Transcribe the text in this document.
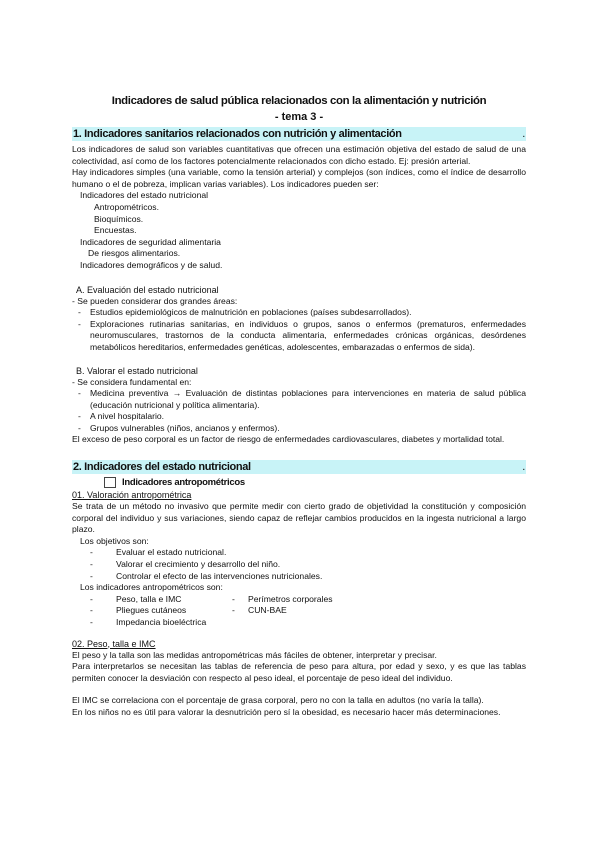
Indicadores de salud pública relacionados con la alimentación y nutrición

- tema 3 -

1. Indicadores sanitarios relacionados con nutrición y alimentación	.

Los indicadores de salud son variables cuantitativas que ofrecen una estimación objetiva del estado de salud de una colectividad, así como de los factores potencialmente relacionados con dicho estado. Ej: presión arterial.

Hay indicadores simples (una variable, como la tensión arterial) y complejos (son índices, como el índice de desarrollo humano o el de pobreza, implican varias variables). Los indicadores pueden ser:

Indicadores del estado nutricional

Antropométricos.

Bioquímicos.

Encuestas.

Indicadores de seguridad alimentaria

De riesgos alimentarios.

Indicadores demográficos y de salud.

A. Evaluación del estado nutricional

- Se pueden considerar dos grandes áreas:

-	Estudios epidemiológicos de malnutrición en poblaciones (países subdesarrollados).
-	Exploraciones rutinarias sanitarias, en individuos o grupos, sanos o enfermos (prematuros, enfermedades neuromusculares, trastornos de la conducta alimentaria, enfermedades crónicas orgánicas, desórdenes metabólicos hereditarios, enfermedades genéticas, adolescentes, embarazadas o enfermos de sida).

B. Valorar el estado nutricional

- Se considera fundamental en:

-	Medicina preventiva → Evaluación de distintas poblaciones para intervenciones en materia de salud pública (educación nutricional y política alimentaria).
-	A nivel hospitalario.
-	Grupos vulnerables (niños, ancianos y enfermos).

El exceso de peso corporal es un factor de riesgo de enfermedades cardiovasculares, diabetes y mortalidad total.

2. Indicadores del estado nutricional	.
Indicadores antropométricos

01. Valoración antropométrica

Se trata de un método no invasivo que permite medir con cierto grado de objetividad la constitución y composición corporal del individuo y sus variaciones, siendo capaz de reflejar cambios producidos en la ingesta nutricional a largo plazo.

Los objetivos son:

-	Evaluar el estado nutricional.
-	Valorar el crecimiento y desarrollo del niño.
-	Controlar el efecto de las intervenciones nutricionales.

Los indicadores antropométricos son:

-	Peso, talla e IMC	-	Perímetros corporales
-	Pliegues cutáneos	-	CUN-BAE
-	Impedancia bioeléctrica

02. Peso, talla e IMC

El peso y la talla son las medidas antropométricas más fáciles de obtener, interpretar y precisar.

Para interpretarlos se necesitan las tablas de referencia de peso para altura, por edad y sexo, y es que las tablas permiten conocer la desviación con respecto al peso ideal, el porcentaje de peso ideal del individuo.

El IMC se correlaciona con el porcentaje de grasa corporal, pero no con la talla en adultos (no varía la talla).

En los niños no es útil para valorar la desnutrición pero sí la obesidad, es necesario hacer más determinaciones.
